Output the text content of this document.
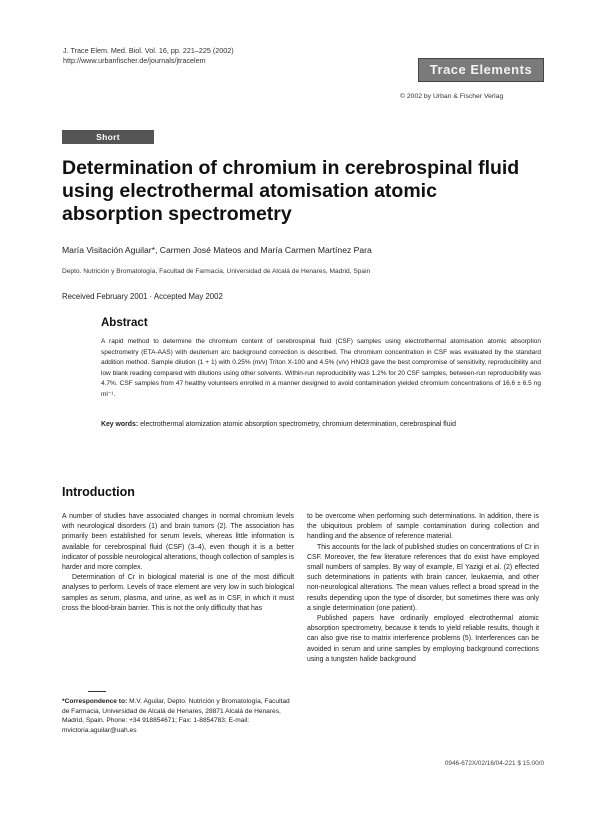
J. Trace Elem. Med. Biol. Vol. 16, pp. 221–225 (2002)
http://www.urbanfischer.de/journals/jtracelem
Trace Elements
© 2002 by Urban & Fischer Verlag
Short communication
Determination of chromium in cerebrospinal fluid using electrothermal atomisation atomic absorption spectrometry
María Visitación Aguilar*, Carmen José Mateos and María Carmen Martínez Para
Depto. Nutrición y Bromatología, Facultad de Farmacia, Universidad de Alcalá de Henares, Madrid, Spain
Received February 2001 · Accepted May 2002
Abstract
A rapid method to determine the chromium content of cerebrospinal fluid (CSF) samples using electrothermal atomisation atomic absorption spectrometry (ETA-AAS) with deuterium arc background correction is described. The chromium concentration in CSF was evaluated by the standard addition method. Sample dilution (1 + 1) with 0.25% (m/v) Triton X-100 and 4.5% (v/v) HNO3 gave the best compromise of sensitivity, reproducibility and low blank reading compared with dilutions using other solvents. Within-run reproducibility was 1.2% for 20 CSF samples, between-run reproducibility was 4.7%. CSF samples from 47 healthy volunteers enrolled in a manner designed to avoid contamination yielded chromium concentrations of 16.6 ± 6.5 ng ml⁻¹.
Key words: electrothermal atomization atomic absorption spectrometry, chromium determination, cerebrospinal fluid
Introduction

A number of studies have associated changes in normal chromium levels with neurological disorders (1) and brain tumors (2). The association has primarily been established for serum levels, whereas little information is available for cerebrospinal fluid (CSF) (3–4), even though it is a better indicator of possible neurological alterations, though collection of samples is harder and more complex.

Determination of Cr in biological material is one of the most difficult analyses to perform. Levels of trace element are very low in such biological samples as serum, plasma, and urine, as well as in CSF, in which it must cross the blood-brain barrier. This is not the only difficulty that has

to be overcome when performing such determinations. In addition, there is the ubiquitous problem of sample contamination during collection and handling and the absence of reference material.

This accounts for the lack of published studies on concentrations of Cr in CSF. Moreover, the few literature references that do exist have employed small numbers of samples. By way of example, El Yazigi et al. (2) effected such determinations in patients with brain cancer, leukaemia, and other non-neurological alterations. The mean values reflect a broad spread in the results depending upon the type of disorder, but sometimes there was only a single determination (one patient).

Published papers have ordinarily employed electrothermal atomic absorption spectrometry, because it tends to yield reliable results, though it can also give rise to matrix interference problems (5). Interferences can be avoided in serum and urine samples by employing background corrections using a tungsten halide background

*Correspondence to: M.V. Aguilar, Depto. Nutrición y Bromatología, Facultad de Farmacia, Universidad de Alcalá de Henares, 28871 Alcalá de Henares, Madrid, Spain. Phone: +34 918854671; Fax: 1-8854783; E-mail: mvictoria.aguilar@uah.es
0946-672X/02/16/04-221 $ 15.00/0
